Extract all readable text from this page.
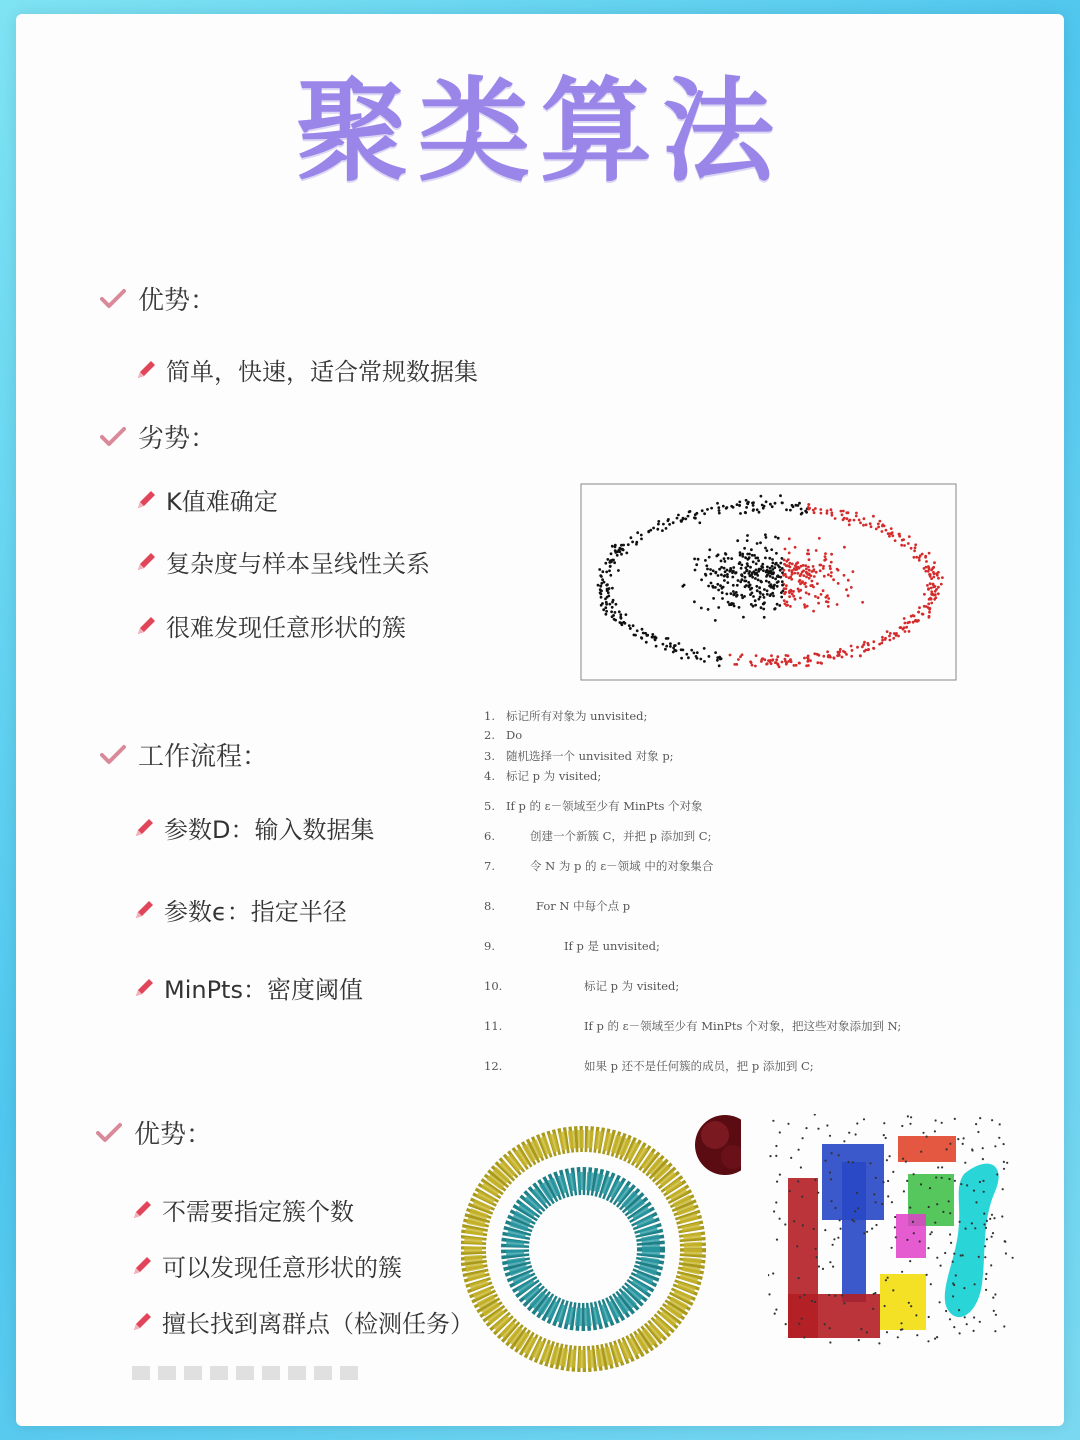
聚类算法
优势：
简单，快速，适合常规数据集
劣势：
K值难确定
复杂度与样本呈线性关系
很难发现任意形状的簇
工作流程：
参数D：输入数据集
参数ϵ：指定半径
MinPts：密度阈值
1. 标记所有对象为 unvisited;
2. Do
3. 随机选择一个 unvisited 对象 p;
4. 标记 p 为 visited;
5. If p 的 ε－领域至少有 MinPts 个对象
6.	创建一个新簇 C，并把 p 添加到 C;
7.	令 N 为 p 的 ε－领域 中的对象集合
8.	For N 中每个点 p
9.	If p 是 unvisited;
10.	标记 p 为 visited;
11.	If p 的 ε－领域至少有 MinPts 个对象，把这些对象添加到 N;
12.	如果 p 还不是任何簇的成员，把 p 添加到 C;
优势：
不需要指定簇个数
可以发现任意形状的簇
擅长找到离群点（检测任务）
